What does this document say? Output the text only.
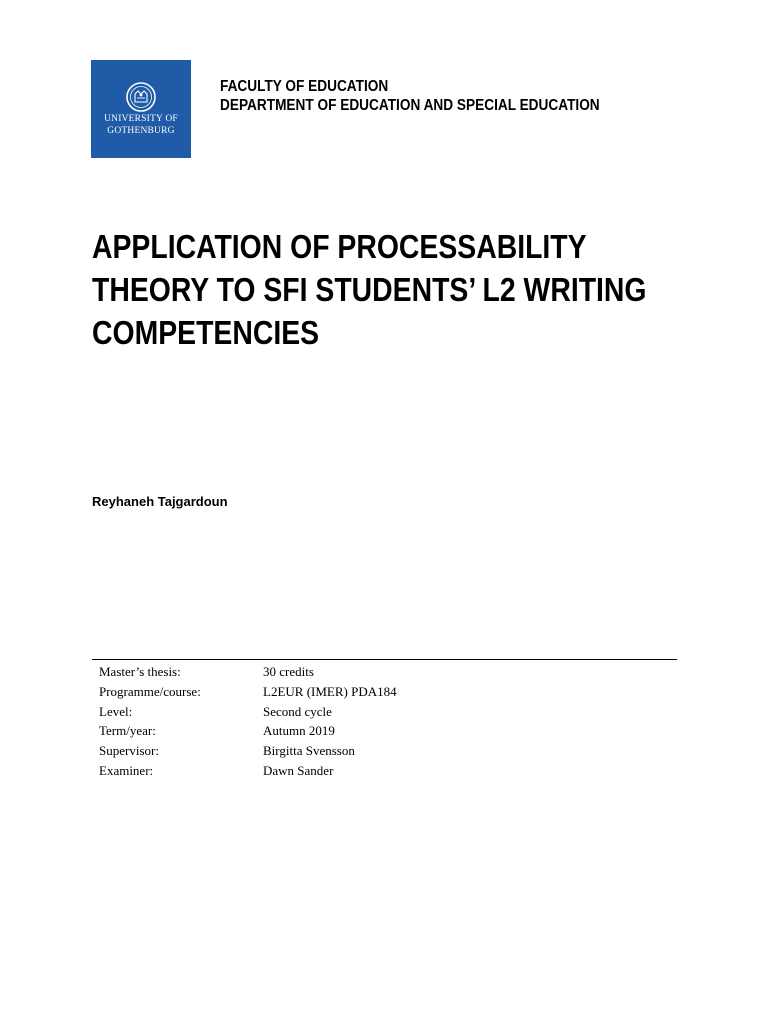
UNIVERSITY OF
GOTHENBURG
FACULTY OF EDUCATION
DEPARTMENT OF EDUCATION AND SPECIAL EDUCATION
APPLICATION OF PROCESSABILITY
THEORY TO SFI STUDENTS’ L2 WRITING
COMPETENCIES
Reyhaneh Tajgardoun
Master’s thesis:	30 credits
Programme/course:	L2EUR (IMER) PDA184
Level:	Second cycle
Term/year:	Autumn 2019
Supervisor:	Birgitta Svensson
Examiner:	Dawn Sander
